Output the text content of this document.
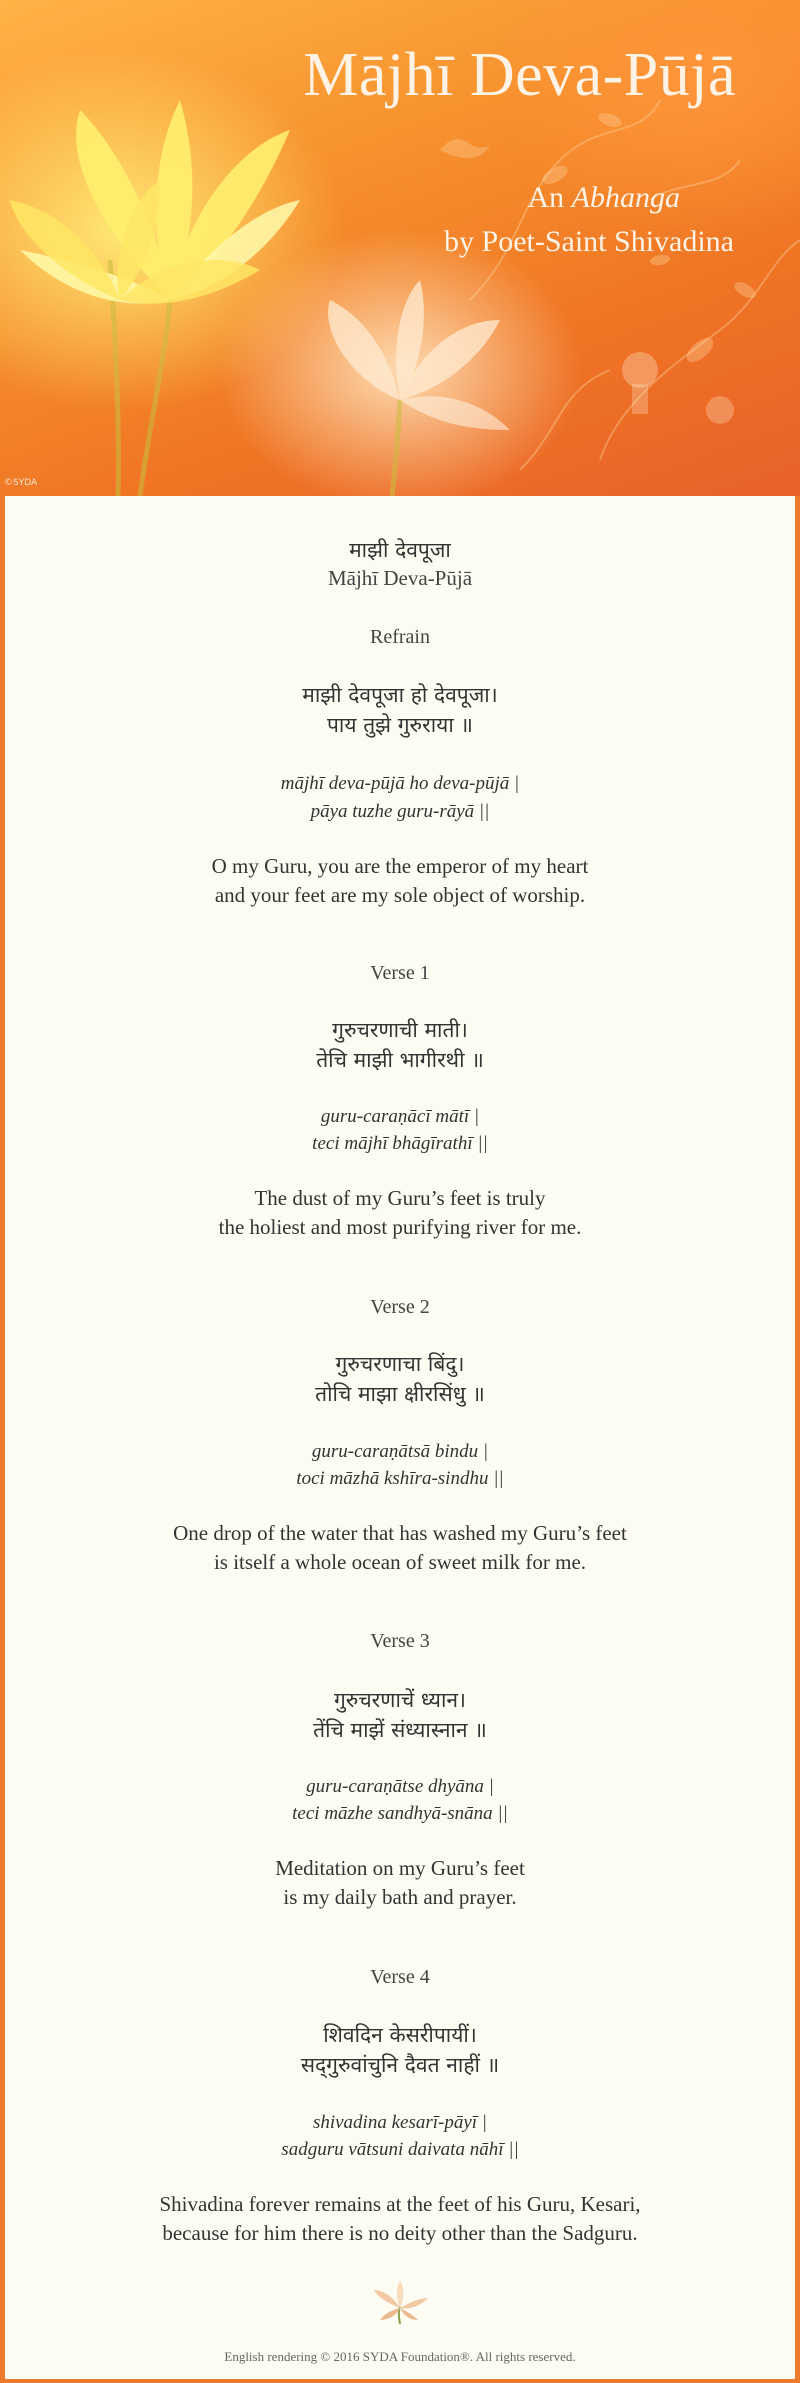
Mājhī Deva-Pūjā
An Abhanga
by Poet-Saint Shivadina
©SYDA
माझी देवपूजा
Mājhī Deva-Pūjā
Refrain
माझी देवपूजा हो देवपूजा।
पाय तुझे गुरुराया ॥
mājhī deva-pūjā ho deva-pūjā |
pāya tuzhe guru-rāyā ||
O my Guru, you are the emperor of my heart
and your feet are my sole object of worship.
Verse 1
गुरुचरणाची माती।
तेचि माझी भागीरथी ॥
guru-caraṇācī mātī |
teci mājhī bhāgīrathī ||
The dust of my Guru’s feet is truly
the holiest and most purifying river for me.
Verse 2
गुरुचरणाचा बिंदु।
तोचि माझा क्षीरसिंधु ॥
guru-caraṇātsā bindu |
toci māzhā kshīra-sindhu ||
One drop of the water that has washed my Guru’s feet
is itself a whole ocean of sweet milk for me.
Verse 3
गुरुचरणाचें ध्यान।
तेंचि माझें संध्यास्नान ॥
guru-caraṇātse dhyāna |
teci māzhe sandhyā-snāna ||
Meditation on my Guru’s feet
is my daily bath and prayer.
Verse 4
शिवदिन केसरीपायीं।
सद्‌गुरुवांचुनि दैवत नाहीं ॥
shivadina kesarī-pāyī |
sadguru vātsuni daivata nāhī ||
Shivadina forever remains at the feet of his Guru, Kesari,
because for him there is no deity other than the Sadguru.
English rendering © 2016 SYDA Foundation®. All rights reserved.
